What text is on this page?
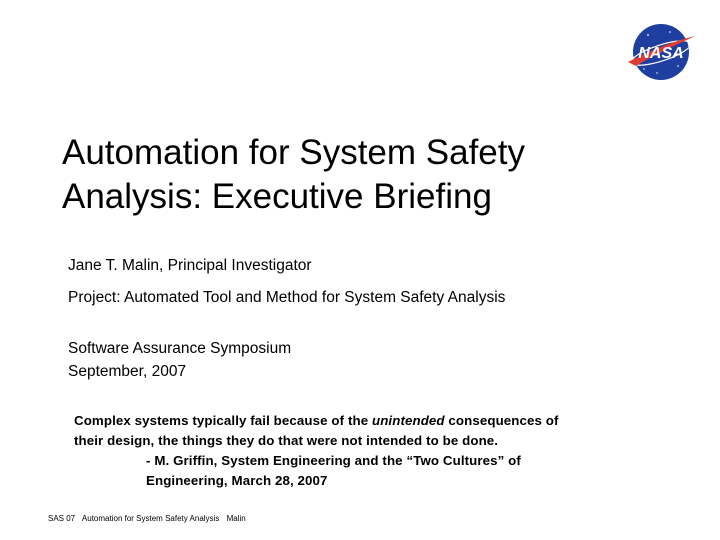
NASA
Automation for System Safety
Analysis: Executive Briefing
Jane T. Malin, Principal Investigator
Project: Automated Tool and Method for System Safety Analysis
Software Assurance Symposium
September, 2007
Complex systems typically fail because of the unintended consequences of
their design, the things they do that were not intended to be done.
- M. Griffin, System Engineering and the “Two Cultures” of
Engineering, March 28, 2007
SAS 07 Automation for System Safety Analysis Malin
